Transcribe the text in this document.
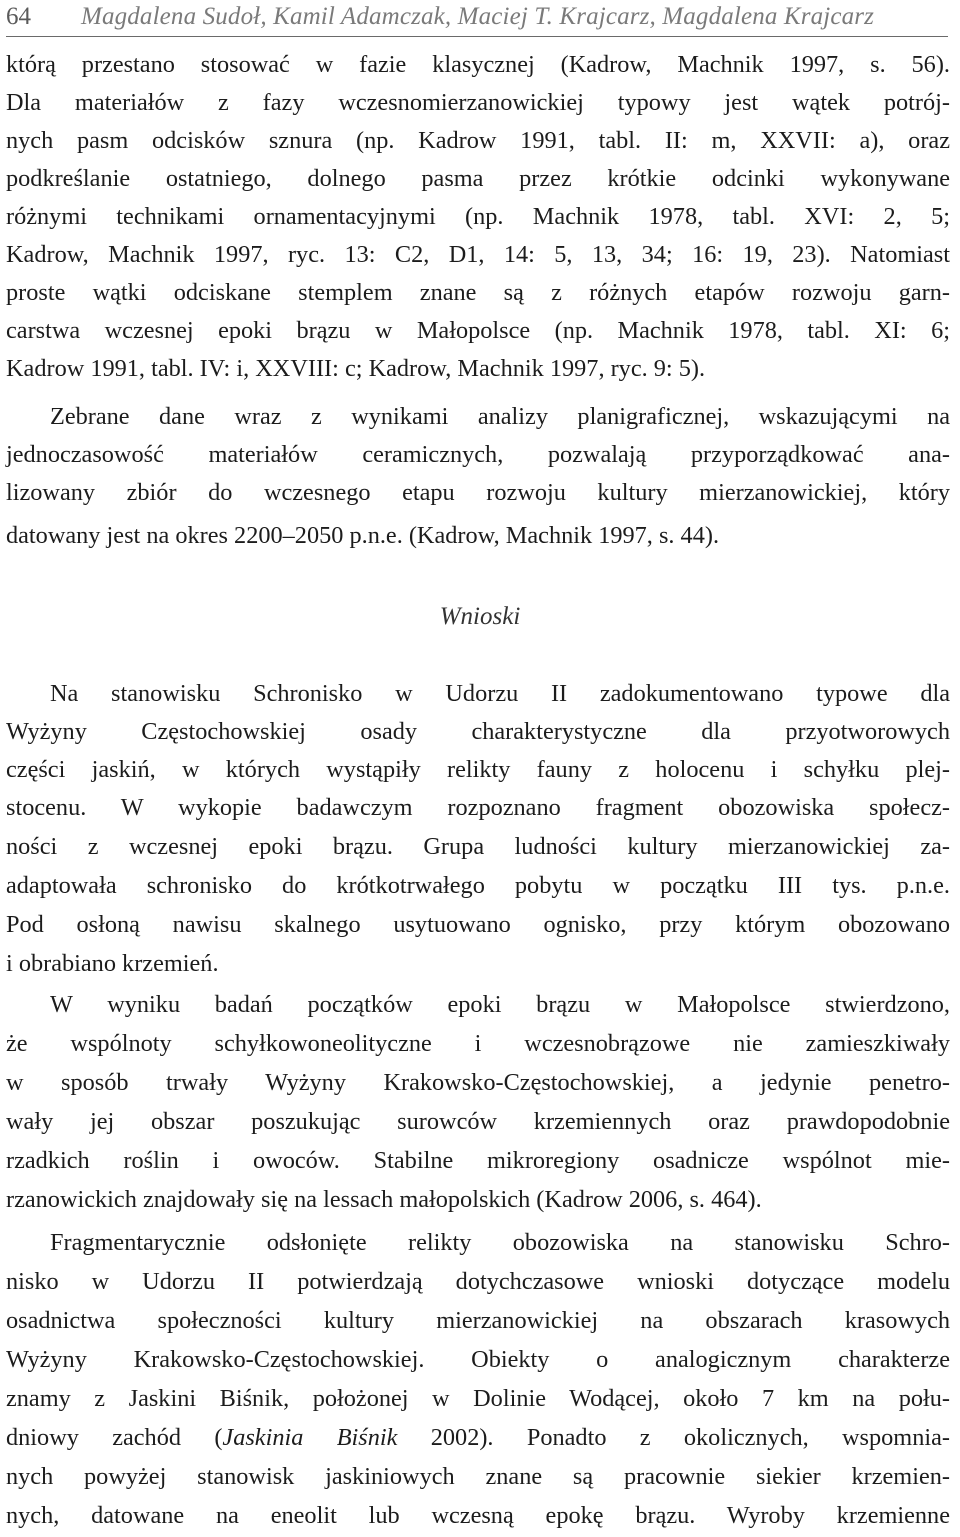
64 Magdalena Sudoł, Kamil Adamczak, Maciej T. Krajcarz, Magdalena Krajcarz
którą przestano stosować w fazie klasycznej (Kadrow, Machnik 1997, s. 56).
Dla materiałów z fazy wczesnomierzanowickiej typowy jest wątek potrój-
nych pasm odcisków sznura (np. Kadrow 1991, tabl. II: m, XXVII: a), oraz
podkreślanie ostatniego, dolnego pasma przez krótkie odcinki wykonywane
różnymi technikami ornamentacyjnymi (np. Machnik 1978, tabl. XVI: 2, 5;
Kadrow, Machnik 1997, ryc. 13: C2, D1, 14: 5, 13, 34; 16: 19, 23). Natomiast
proste wątki odciskane stemplem znane są z różnych etapów rozwoju garn-
carstwa wczesnej epoki brązu w Małopolsce (np. Machnik 1978, tabl. XI: 6;
Kadrow 1991, tabl. IV: i, XXVIII: c; Kadrow, Machnik 1997, ryc. 9: 5).
Zebrane dane wraz z wynikami analizy planigraficznej, wskazującymi na
jednoczasowość materiałów ceramicznych, pozwalają przyporządkować ana-
lizowany zbiór do wczesnego etapu rozwoju kultury mierzanowickiej, który
datowany jest na okres 2200–2050 p.n.e. (Kadrow, Machnik 1997, s. 44).
Wnioski
Na stanowisku Schronisko w Udorzu II zadokumentowano typowe dla
Wyżyny Częstochowskiej osady charakterystyczne dla przyotworowych
części jaskiń, w których wystąpiły relikty fauny z holocenu i schyłku plej-
stocenu. W wykopie badawczym rozpoznano fragment obozowiska społecz-
ności z wczesnej epoki brązu. Grupa ludności kultury mierzanowickiej za-
adaptowała schronisko do krótkotrwałego pobytu w początku III tys. p.n.e.
Pod osłoną nawisu skalnego usytuowano ognisko, przy którym obozowano
i obrabiano krzemień.
W wyniku badań początków epoki brązu w Małopolsce stwierdzono,
że wspólnoty schyłkowoneolityczne i wczesnobrązowe nie zamieszkiwały
w sposób trwały Wyżyny Krakowsko-Częstochowskiej, a jedynie penetro-
wały jej obszar poszukując surowców krzemiennych oraz prawdopodobnie
rzadkich roślin i owoców. Stabilne mikroregiony osadnicze wspólnot mie-
rzanowickich znajdowały się na lessach małopolskich (Kadrow 2006, s. 464).
Fragmentarycznie odsłonięte relikty obozowiska na stanowisku Schro-
nisko w Udorzu II potwierdzają dotychczasowe wnioski dotyczące modelu
osadnictwa społeczności kultury mierzanowickiej na obszarach krasowych
Wyżyny Krakowsko-Częstochowskiej. Obiekty o analogicznym charakterze
znamy z Jaskini Biśnik, położonej w Dolinie Wodącej, około 7 km na połu-
dniowy zachód (Jaskinia Biśnik 2002). Ponadto z okolicznych, wspomnia-
nych powyżej stanowisk jaskiniowych znane są pracownie siekier krzemien-
nych, datowane na eneolit lub wczesną epokę brązu. Wyroby krzemienne
